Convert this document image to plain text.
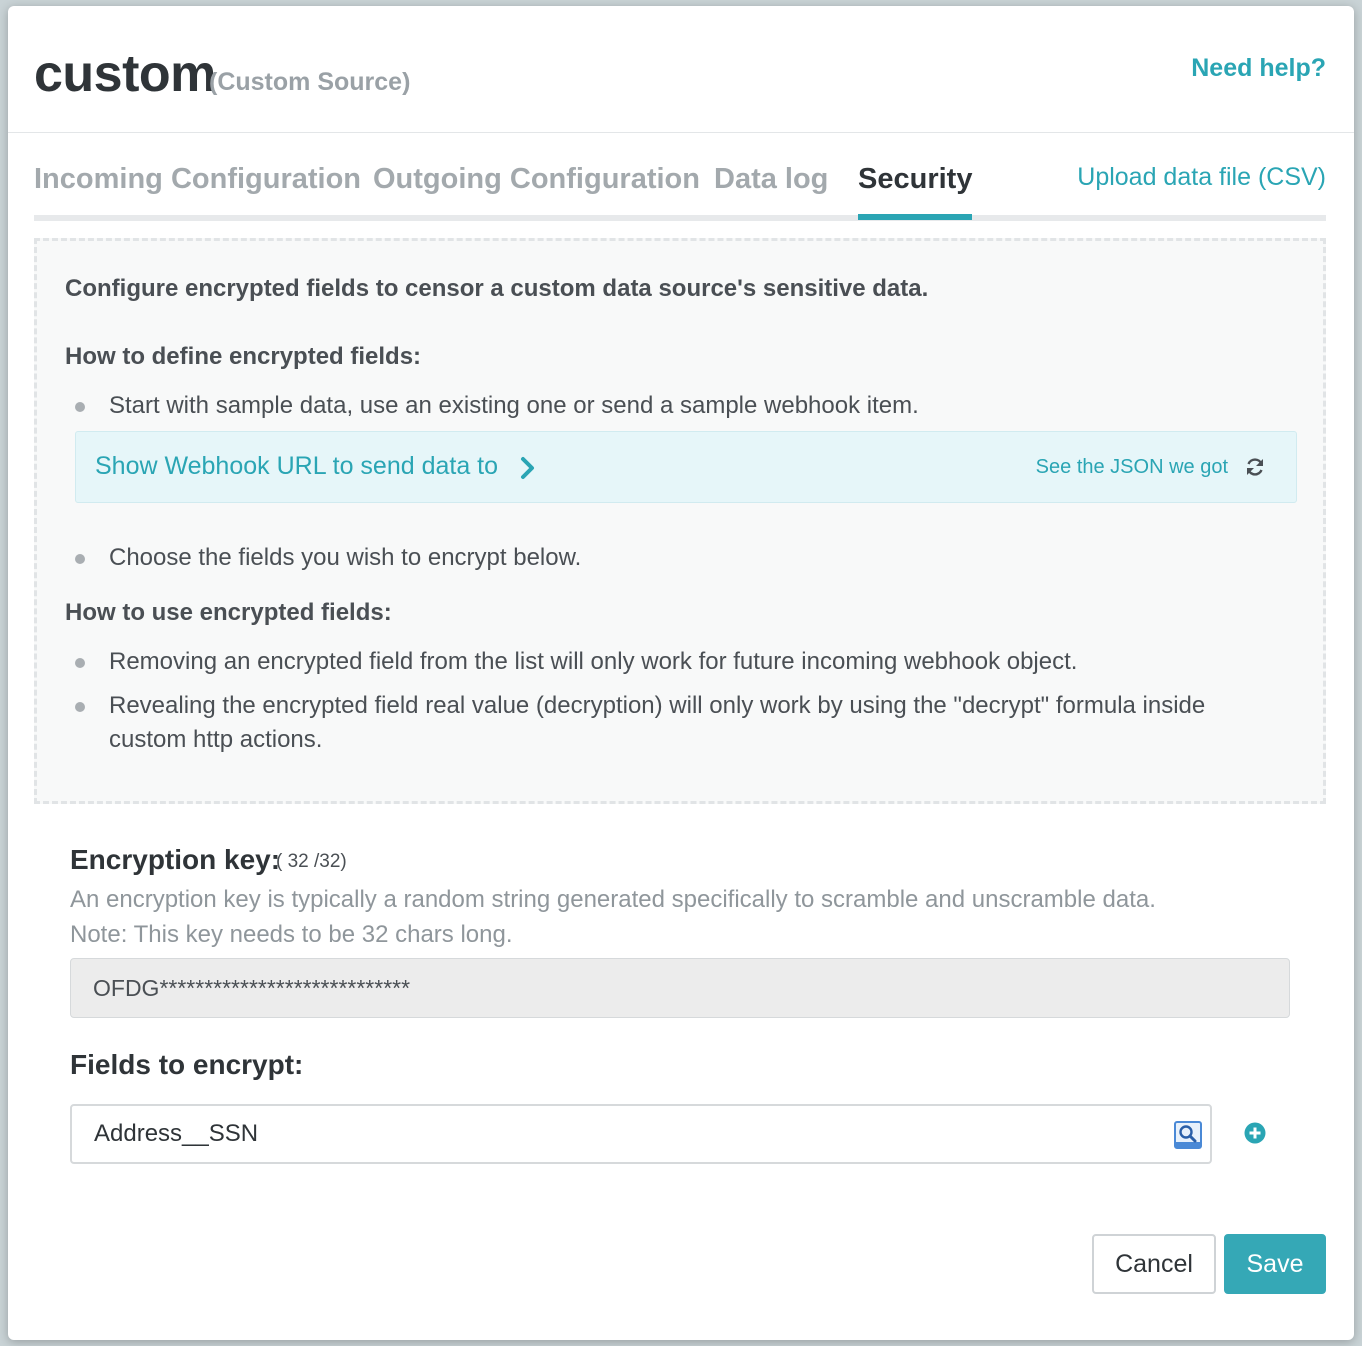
custom
(Custom Source)	Need help?
Incoming Configuration Outgoing Configuration Data log Security	Upload data file (CSV)
Configure encrypted fields to censor a custom data source's sensitive data.
How to define encrypted fields:
Start with sample data, use an existing one or send a sample webhook item.
Show Webhook URL to send data to	See the JSON we got
Choose the fields you wish to encrypt below.
How to use encrypted fields:
Removing an encrypted field from the list will only work for future incoming webhook object.
Revealing the encrypted field real value (decryption) will only work by using the "decrypt" formula inside custom http actions.
Encryption key:
( 32 /32)
An encryption key is typically a random string generated specifically to scramble and unscramble data.
Note: This key needs to be 32 chars long.
OFDG****************************
Fields to encrypt:
Address__SSN
Cancel	Save
